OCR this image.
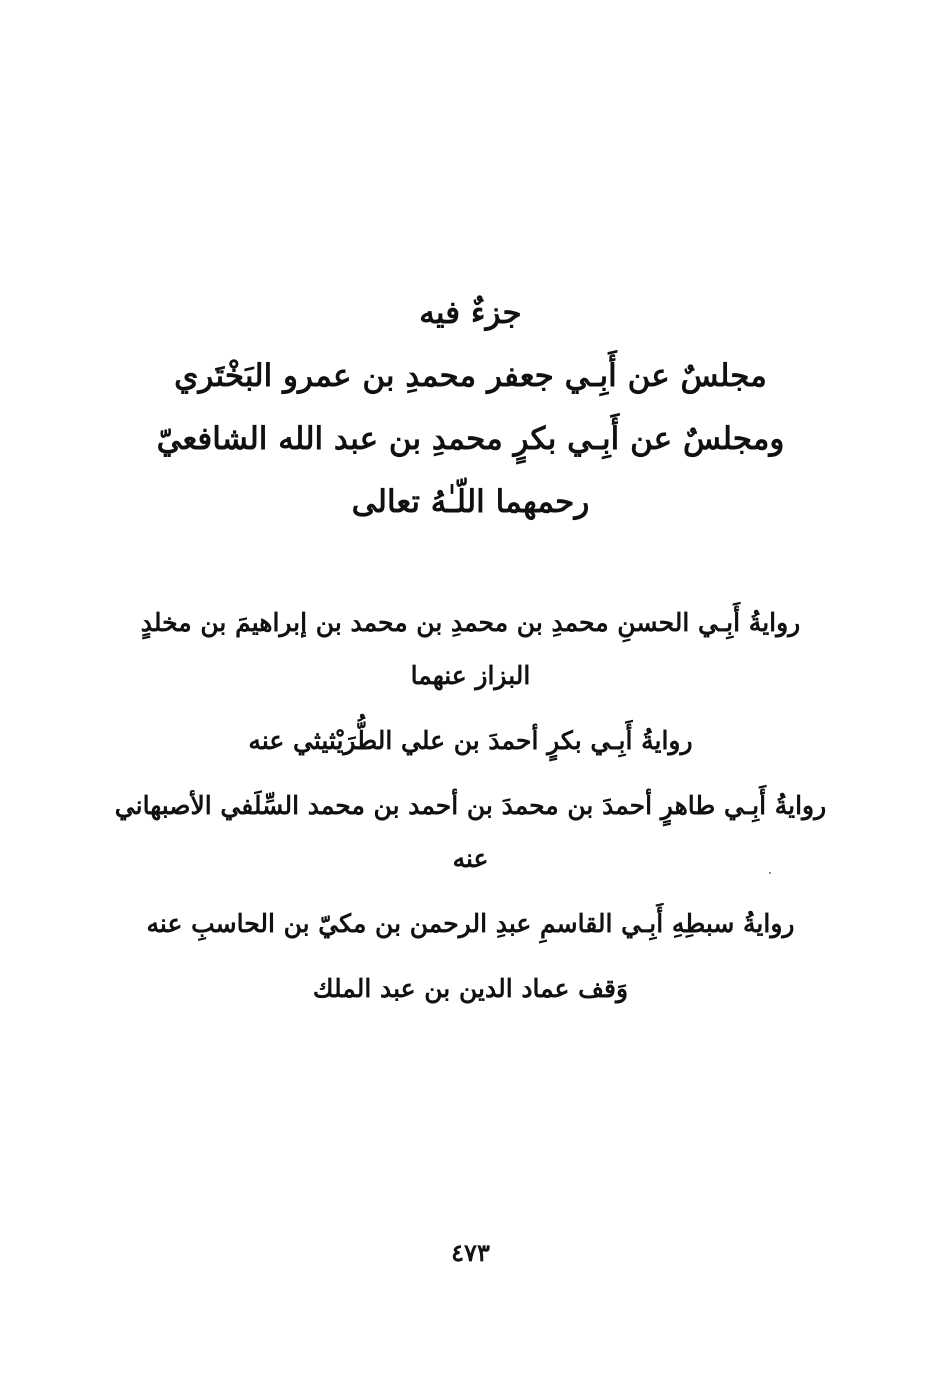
جزءٌ فيه
مجلسٌ عن أَبِـي جعفر محمدِ بن عمرو البَخْتَري
ومجلسٌ عن أَبِـي بكرٍ محمدِ بن عبد الله الشافعيّ
رحمهما اللّـٰهُ تعالى
روايةُ أَبِـي الحسنِ محمدِ بن محمدِ بن محمد بن إبراهيمَ بن مخلدٍ البزاز عنهما
روايةُ أَبِـي بكرٍ أحمدَ بن علي الطُّرَيْثيثي عنه
روايةُ أَبِـي طاهرٍ أحمدَ بن محمدَ بن أحمد بن محمد السِّلَفي الأصبهاني عنه
روايةُ سبطِهِ أَبِـي القاسمِ عبدِ الرحمن بن مكيّ بن الحاسبِ عنه
وَقف عماد الدين بن عبد الملك
٤٧٣
